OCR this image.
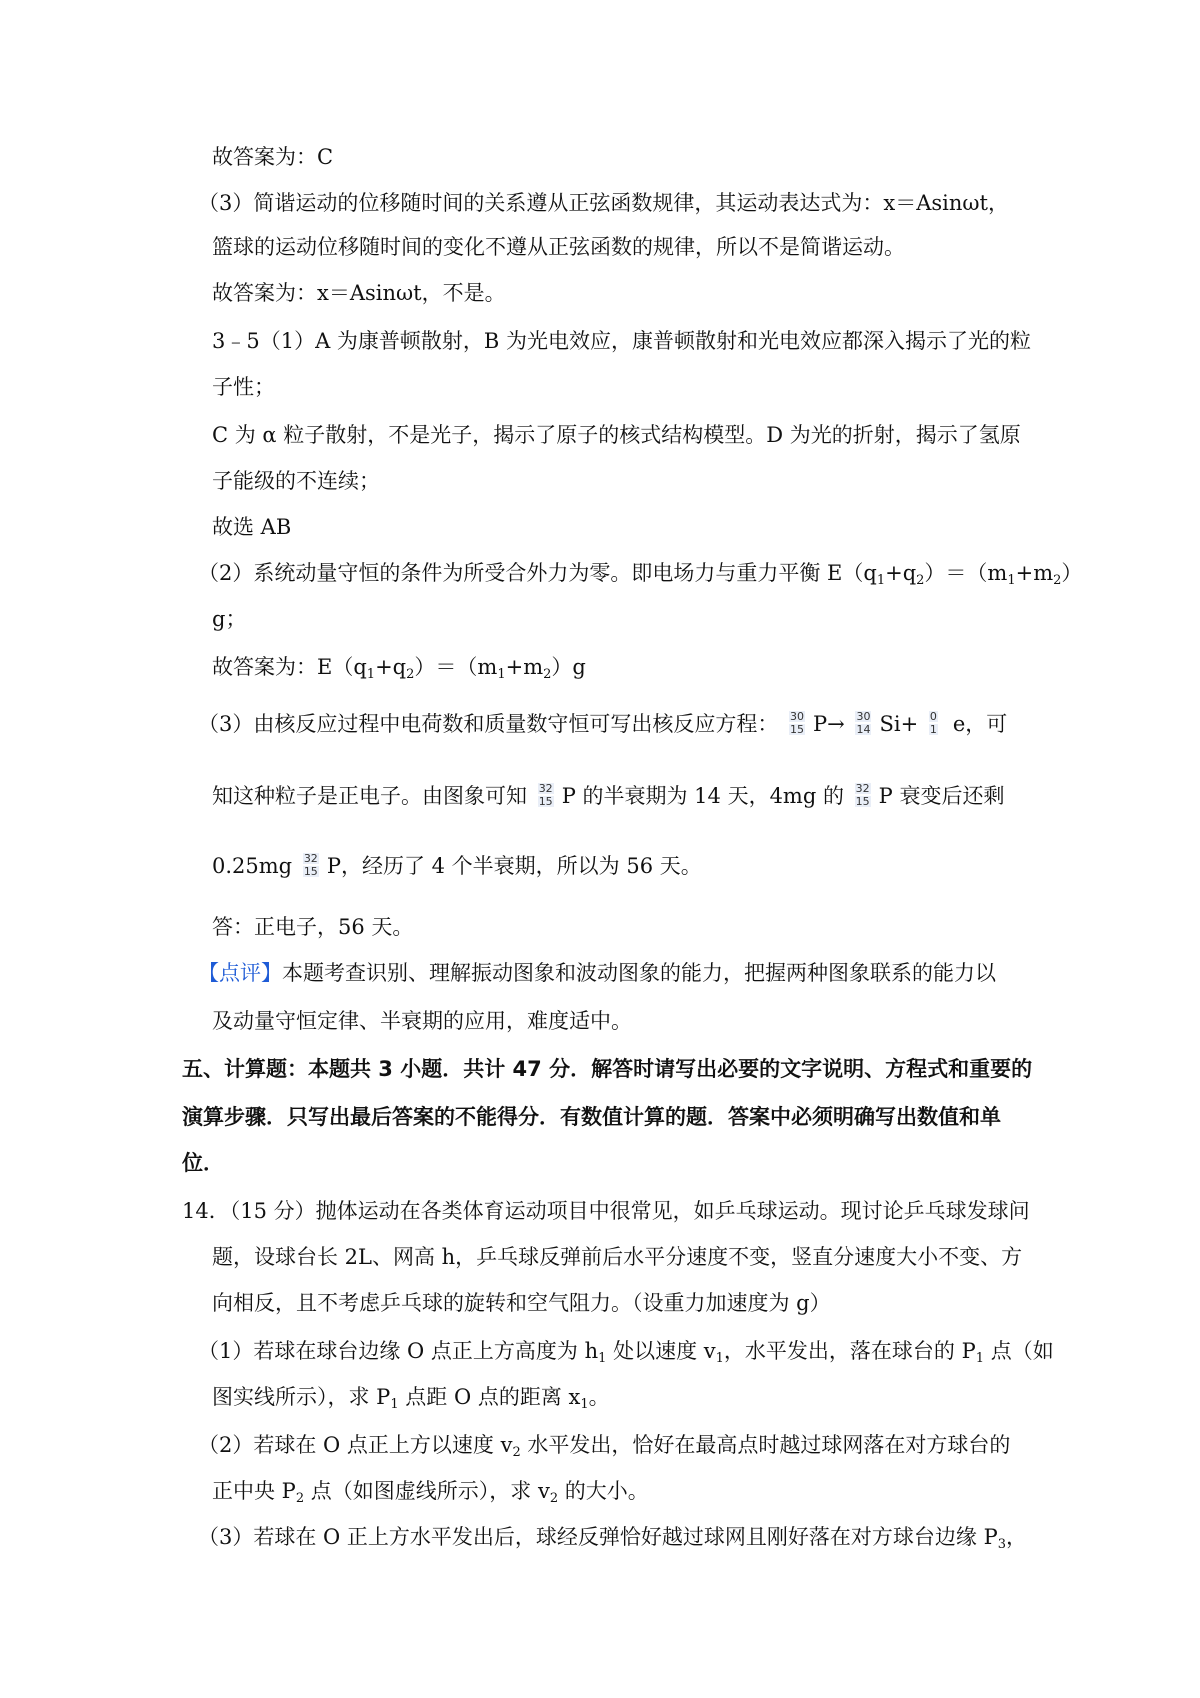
故答案为：C

（3）简谐运动的位移随时间的关系遵从正弦函数规律，其运动表达式为：x＝Asinωt，

篮球的运动位移随时间的变化不遵从正弦函数的规律，所以不是简谐运动。

故答案为：x＝Asinωt，不是。

3﹣5（1）A 为康普顿散射，B 为光电效应，康普顿散射和光电效应都深入揭示了光的粒

子性；

C 为 α 粒子散射，不是光子，揭示了原子的核式结构模型。D 为光的折射，揭示了氢原

子能级的不连续；

故选 AB

（2）系统动量守恒的条件为所受合外力为零。即电场力与重力平衡 $E(q_1+q_2)=(m_1+m_2)$

g；

故答案为：$E(q_1+q_2)=(m_1+m_2)g$

（3）由核反应过程中电荷数和质量数守恒可写出核反应方程： 30
15 P→ 30
14 Si+ 0
1 e，可

知这种粒子是正电子。由图象可知 32
15 P 的半衰期为 14 天，4mg 的 32
15 P 衰变后还剩

0.25mg 32
15 P，经历了 4 个半衰期，所以为 56 天。

答：正电子，56 天。

【点评】本题考查识别、理解振动图象和波动图象的能力，把握两种图象联系的能力以

及动量守恒定律、半衰期的应用，难度适中。

五、计算题：本题共 3 小题．共计 47 分．解答时请写出必要的文字说明、方程式和重要的

演算步骤．只写出最后答案的不能得分．有数值计算的题．答案中必须明确写出数值和单

位．

14．（15 分）抛体运动在各类体育运动项目中很常见，如乒乓球运动。现讨论乒乓球发球问

题，设球台长 2L、网高 h，乒乓球反弹前后水平分速度不变，竖直分速度大小不变、方

向相反，且不考虑乒乓球的旋转和空气阻力。（设重力加速度为 g）

（1）若球在球台边缘 O 点正上方高度为 $h_1$ 处以速度 $v_1$，水平发出，落在球台的 $P_1$ 点（如

图实线所示），求 $P_1$ 点距 O 点的距离 $x_1$。

（2）若球在 O 点正上方以速度 $v_2$ 水平发出，恰好在最高点时越过球网落在对方球台的

正中央 $P_2$ 点（如图虚线所示），求 $v_2$ 的大小。

（3）若球在 O 正上方水平发出后，球经反弹恰好越过球网且刚好落在对方球台边缘 $P_3$，
